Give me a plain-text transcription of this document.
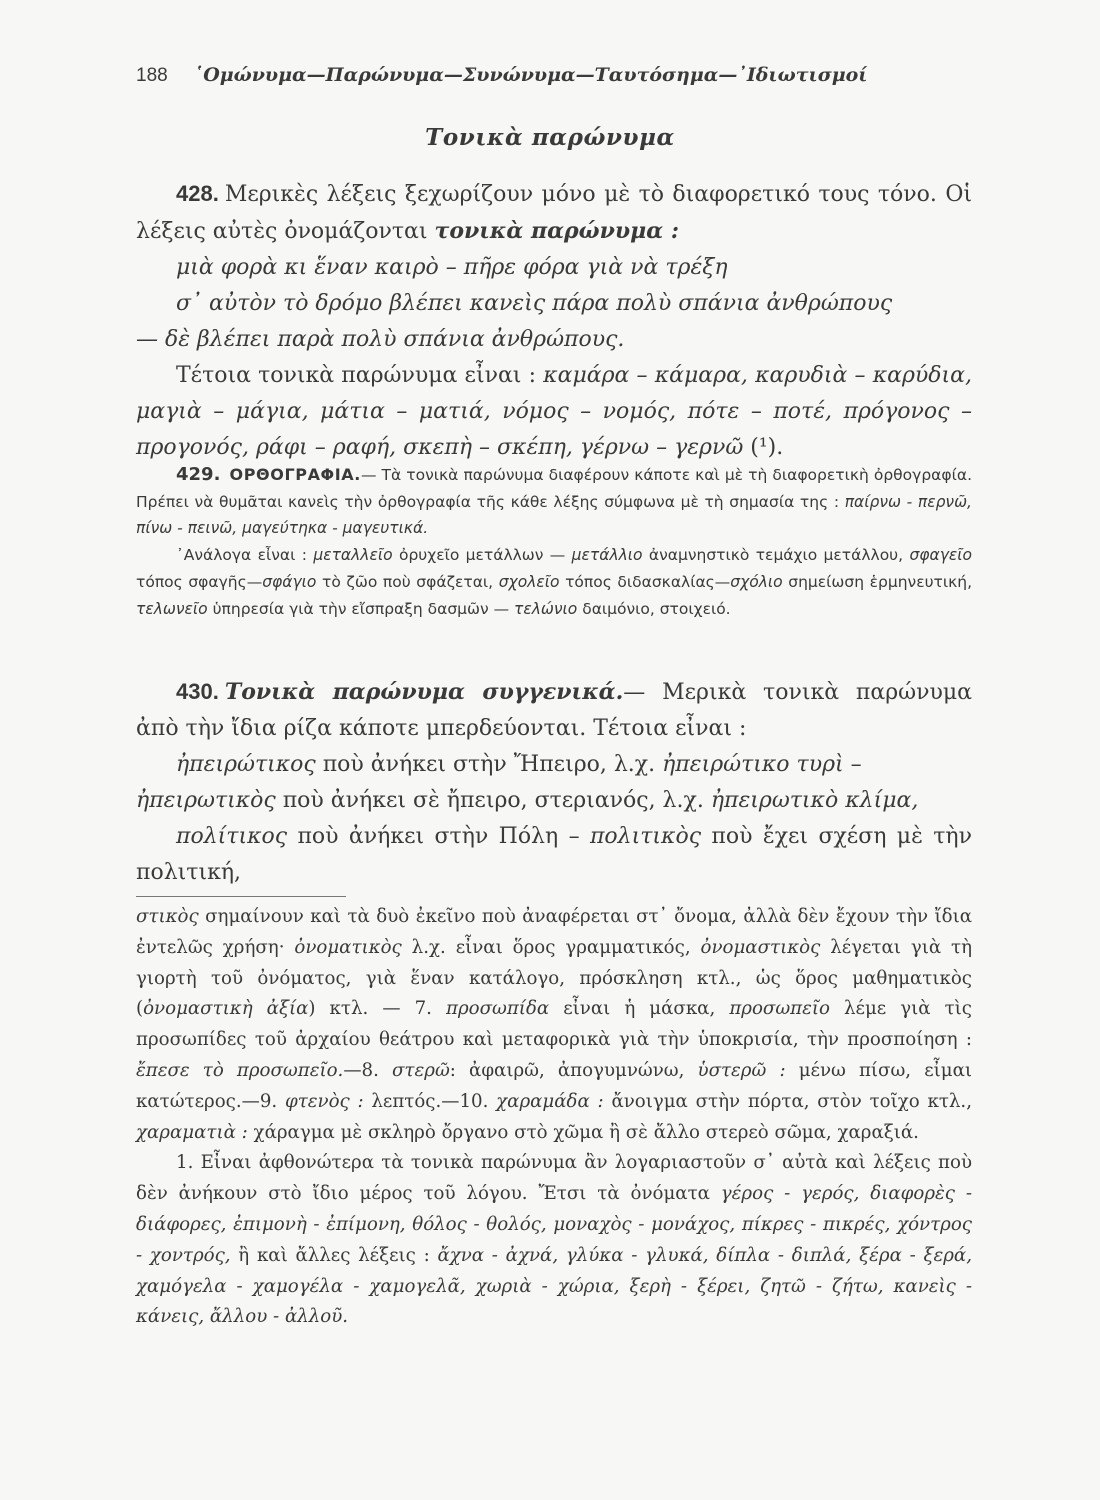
188 ῾Ομώνυμα—Παρώνυμα—Συνώνυμα—Ταυτόσημα—᾿Ιδιωτισμοί
Τονικὰ παρώνυμα

428. Μερικὲς λέξεις ξεχωρίζουν μόνο μὲ τὸ διαφορετικό τους τόνο. Οἱ λέξεις αὐτὲς ὀνομάζονται τονικὰ παρώνυμα :

μιὰ φορὰ κι ἕναν καιρὸ – πῆρε φόρα γιὰ νὰ τρέξη

σ᾿ αὐτὸν τὸ δρόμο βλέπει κανεὶς πάρα πολὺ σπάνια ἀνθρώπους

— δὲ βλέπει παρὰ πολὺ σπάνια ἀνθρώπους.

Τέτοια τονικὰ παρώνυμα εἶναι : καμάρα – κάμαρα, καρυδιὰ – καρύδια, μαγιὰ – μάγια, μάτια – ματιά, νόμος – νομός, πότε – ποτέ, πρόγονος – προγονός, ράφι – ραφή, σκεπὴ – σκέπη, γέρνω – γερνῶ (¹).

429. ΟΡΘΟΓΡΑΦΙΑ.— Τὰ τονικὰ παρώνυμα διαφέρουν κάποτε καὶ μὲ τὴ διαφορετικὴ ὀρθογραφία. Πρέπει νὰ θυμᾶται κανεὶς τὴν ὀρθογραφία τῆς κάθε λέξης σύμφωνα μὲ τὴ σημασία της : παίρνω - περνῶ, πίνω - πεινῶ, μαγεύτηκα - μαγευτικά.

᾿Ανάλογα εἶναι : μεταλλεῖο ὀρυχεῖο μετάλλων — μετάλλιο ἀναμνηστικὸ τεμάχιο μετάλλου, σφαγεῖο τόπος σφαγῆς—σφάγιο τὸ ζῶο ποὺ σφάζεται, σχολεῖο τόπος διδασκαλίας—σχόλιο σημείωση ἑρμηνευτική, τελωνεῖο ὑπηρεσία γιὰ τὴν εἴσπραξη δασμῶν — τελώνιο δαιμόνιο, στοιχειό.

430. Τονικὰ παρώνυμα συγγενικά.— Μερικὰ τονικὰ παρώνυμα ἀπὸ τὴν ἴδια ρίζα κάποτε μπερδεύονται. Τέτοια εἶναι :

ἠπειρώτικος ποὺ ἀνήκει στὴν Ἤπειρο, λ.χ. ἠπειρώτικο τυρὶ –

ἠπειρωτικὸς ποὺ ἀνήκει σὲ ἤπειρο, στεριανός, λ.χ. ἠπειρωτικὸ κλίμα,

πολίτικος ποὺ ἀνήκει στὴν Πόλη – πολιτικὸς ποὺ ἔχει σχέση μὲ τὴν πολιτική,

στικὸς σημαίνουν καὶ τὰ δυὸ ἐκεῖνο ποὺ ἀναφέρεται στ᾿ ὄνομα, ἀλλὰ δὲν ἔχουν τὴν ἴδια ἐντελῶς χρήση· ὀνοματικὸς λ.χ. εἶναι ὅρος γραμματικός, ὀνομαστικὸς λέγεται γιὰ τὴ γιορτὴ τοῦ ὀνόματος, γιὰ ἕναν κατάλογο, πρόσκληση κτλ., ὡς ὅρος μαθηματικὸς (ὀνομαστικὴ ἀξία) κτλ. — 7. προσωπίδα εἶναι ἡ μάσκα, προσωπεῖο λέμε γιὰ τὶς προσωπίδες τοῦ ἀρχαίου θεάτρου καὶ μεταφορικὰ γιὰ τὴν ὑποκρισία, τὴν προσποίηση : ἔπεσε τὸ προσωπεῖο.—8. στερῶ: ἀφαιρῶ, ἀπογυμνώνω, ὑστερῶ : μένω πίσω, εἶμαι κατώτερος.—9. φτενὸς : λεπτός.—10. χαραμάδα : ἄνοιγμα στὴν πόρτα, στὸν τοῖχο κτλ., χαραματιὰ : χάραγμα μὲ σκληρὸ ὄργανο στὸ χῶμα ἢ σὲ ἄλλο στερεὸ σῶμα, χαραξιά.

1. Εἶναι ἀφθονώτερα τὰ τονικὰ παρώνυμα ἂν λογαριαστοῦν σ᾿ αὐτὰ καὶ λέξεις ποὺ δὲν ἀνήκουν στὸ ἴδιο μέρος τοῦ λόγου. Ἔτσι τὰ ὀνόματα γέρος - γερός, διαφορὲς - διάφορες, ἐπιμονὴ - ἐπίμονη, θόλος - θολός, μοναχὸς - μονάχος, πίκρες - πικρές, χόντρος - χοντρός, ἢ καὶ ἄλλες λέξεις : ἄχνα - ἀχνά, γλύκα - γλυκά, δίπλα - διπλά, ξέρα - ξερά, χαμόγελα - χαμογέλα - χαμογελᾶ, χωριὰ - χώρια, ξερὴ - ξέρει, ζητῶ - ζήτω, κανεὶς - κάνεις, ἄλλου - ἀλλοῦ.
